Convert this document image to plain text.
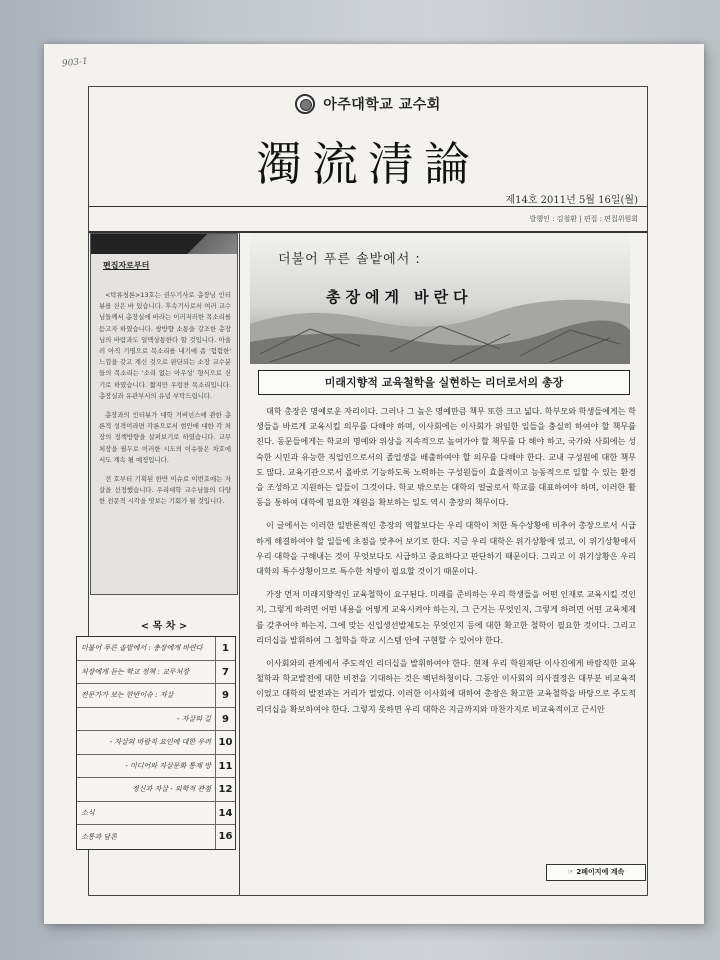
903-1
아주대학교 교수회
濁流清論
제14호 2011년 5월 16일(월)
발행인 : 김철환 | 편집 : 편집위원회
편집자로부터

<탁류청론>13호는 권두기사로 총장님 인터뷰를 싣은 바 있습니다. 후속기사로서 여러 교수님들께서 총장실에 바라는 이러저러한 목소리를 듣고자 하였습니다. 쌍방향 소통을 강조한 총장님의 바람과도 일맥상통한다 할 것입니다. 아울러 아직 기명으로 목소리를 내기에 좀 '험험한' 느낌을 갖고 계신 것으로 판단되는 소장 교수분들의 목소리는 '소리 없는 아우성' 형식으로 싣기로 하였습니다. 짧지만 우렁찬 목소리입니다. 총장실과 유관부서의 유념 부탁드립니다.

총장과의 인터뷰가 대학 거버넌스에 관한 총론적 성격이라면 각론으로서 현안에 대한 각 처장의 정책방향을 살펴보기로 하였습니다. 교무처장을 필두로 이러한 시도의 이슈들은 차호에서도 계속 될 예정입니다.

전 호부터 기획된 한반 이슈로 이번호에는 자살을 선정했습니다. 우리대학 교수님들의 다양한 전문적 시각을 엿보는 기회가 될 것입니다.

< 목 차 >
더불어 푸른 솔밭에서 : 총장에게 바란다	1
처장에게 듣는 학교 정책 : 교무처장	7
전문가가 보는 한반이슈 : 자살	9
- 자살의 길	9
- 자살의 바람직 요인에 대한 우려 10
- 미디어와 자살문화 통제 방 11
정신과 자살 - 의학적 관점 12
소식	14
소통과 담론	16
더불어 푸른 솔밭에서 :
총장에게 바란다
미래지향적 교육철학을 실현하는 리더로서의 총장

대학 총장은 명예로운 자리이다. 그러나 그 높은 명예만큼 책무 또한 크고 넓다. 학부모와 학생들에게는 학생들을 바르게 교육시킬 의무를 다해야 하며, 이사회에는 이사회가 위임한 일들을 충실히 하여야 할 책무를 진다. 동문들에게는 학교의 명예와 위상을 지속적으로 높여가야 할 책무를 다 해야 하고, 국가와 사회에는 성숙한 시민과 유능한 직업인으로서의 졸업생을 배출하여야 할 의무를 다해야 한다. 교내 구성원에 대한 책무도 많다. 교육기관으로서 올바로 기능하도록 노력하는 구성원들이 효율적이고 능동적으로 일할 수 있는 환경을 조성하고 지원하는 일들이 그것이다. 학교 밖으로는 대학의 얼굴로서 학교를 대표하여야 하며, 이러한 활동을 통하여 대학에 필요한 재원을 확보하는 일도 역시 총장의 책무이다.

이 글에서는 이러한 일반론적인 총장의 역할보다는 우리 대학이 처한 특수상황에 비추어 총장으로서 시급하게 해결하여야 할 일들에 초점을 맞추어 보기로 한다. 지금 우리 대학은 위기상황에 있고, 이 위기상황에서 우리 대학을 구해내는 것이 무엇보다도 시급하고 중요하다고 판단하기 때문이다. 그리고 이 위기상황은 우리 대학의 특수상황이므로 특수한 처방이 필요할 것이기 때문이다.

가장 먼저 미래지향적인 교육철학이 요구된다. 미래를 준비하는 우리 학생들을 어떤 인재로 교육시킬 것인지, 그렇게 하려면 어떤 내용을 어떻게 교육시켜야 하는지, 그 근거는 무엇인지, 그렇게 하려면 어떤 교육체제를 갖추어야 하는지, 그에 맞는 신입생선발제도는 무엇인지 등에 대한 확고한 철학이 필요한 것이다. 그리고 리더십을 발휘하여 그 철학을 학교 시스템 안에 구현할 수 있어야 한다.

이사회와의 관계에서 주도적인 리더십을 발휘하여야 한다. 현재 우리 학원재단 이사진에게 바람직한 교육철학과 학교발전에 대한 비전을 기대하는 것은 백년하청이다. 그동안 이사회의 의사결정은 대부분 비교육적이었고 대학의 발전과는 거리가 멀었다. 이러한 이사회에 대하여 총장은 확고한 교육철학을 바탕으로 주도적 리더십을 확보하여야 한다. 그렇지 못하면 우리 대학은 지금까지와 마찬가지로 비교육적이고 근시안

☞ 2페이지에 계속
